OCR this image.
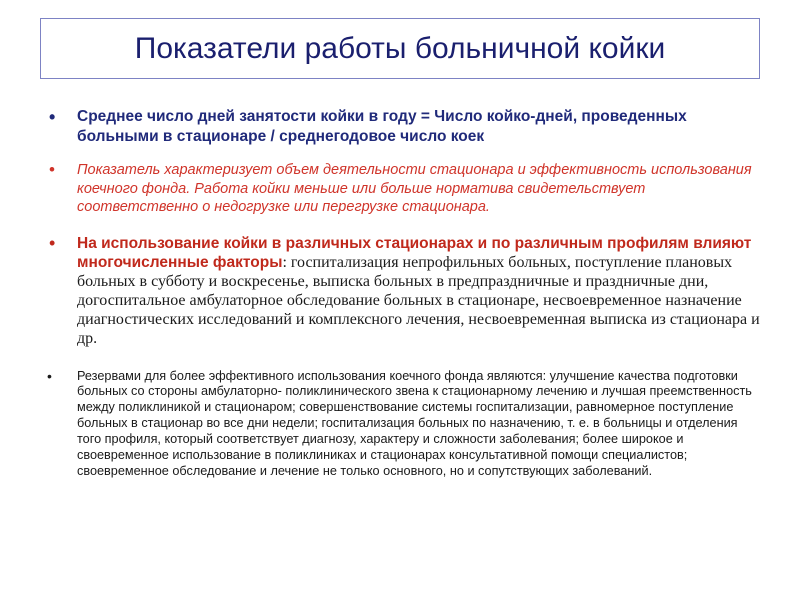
Показатели работы больничной койки
• Среднее число дней занятости койки в году = Число койко-дней, проведенных больными в стационаре / среднегодовое число коек
• Показатель характеризует объем деятельности стационара и эффективность использования коечного фонда. Работа койки меньше или больше норматива свидетельствует соответственно о недогрузке или перегрузке стационара.
• На использование койки в различных стационарах и по различным профилям влияют многочисленные факторы: госпитализация непрофильных больных, поступление плановых больных в субботу и воскресенье, выписка больных в предпраздничные и праздничные дни, догоспитальное амбулаторное обследование больных в стационаре, несвоевременное назначение диагностических исследований и комплексного лечения, несвоевременная выписка из стационара и др.
• Резервами для более эффективного использования коечного фонда являются: улучшение качества подготовки больных со стороны амбулаторно- поликлинического звена к стационарному лечению и лучшая преемственность между поликлиникой и стационаром; совершенствование системы госпитализации, равномерное поступление больных в стационар во все дни недели; госпитализация больных по назначению, т. е. в больницы и отделения того профиля, который соответствует диагнозу, характеру и сложности заболевания; более широкое и своевременное использование в поликлиниках и стационарах консультативной помощи специалистов; своевременное обследование и лечение не только основного, но и сопутствующих заболеваний.
